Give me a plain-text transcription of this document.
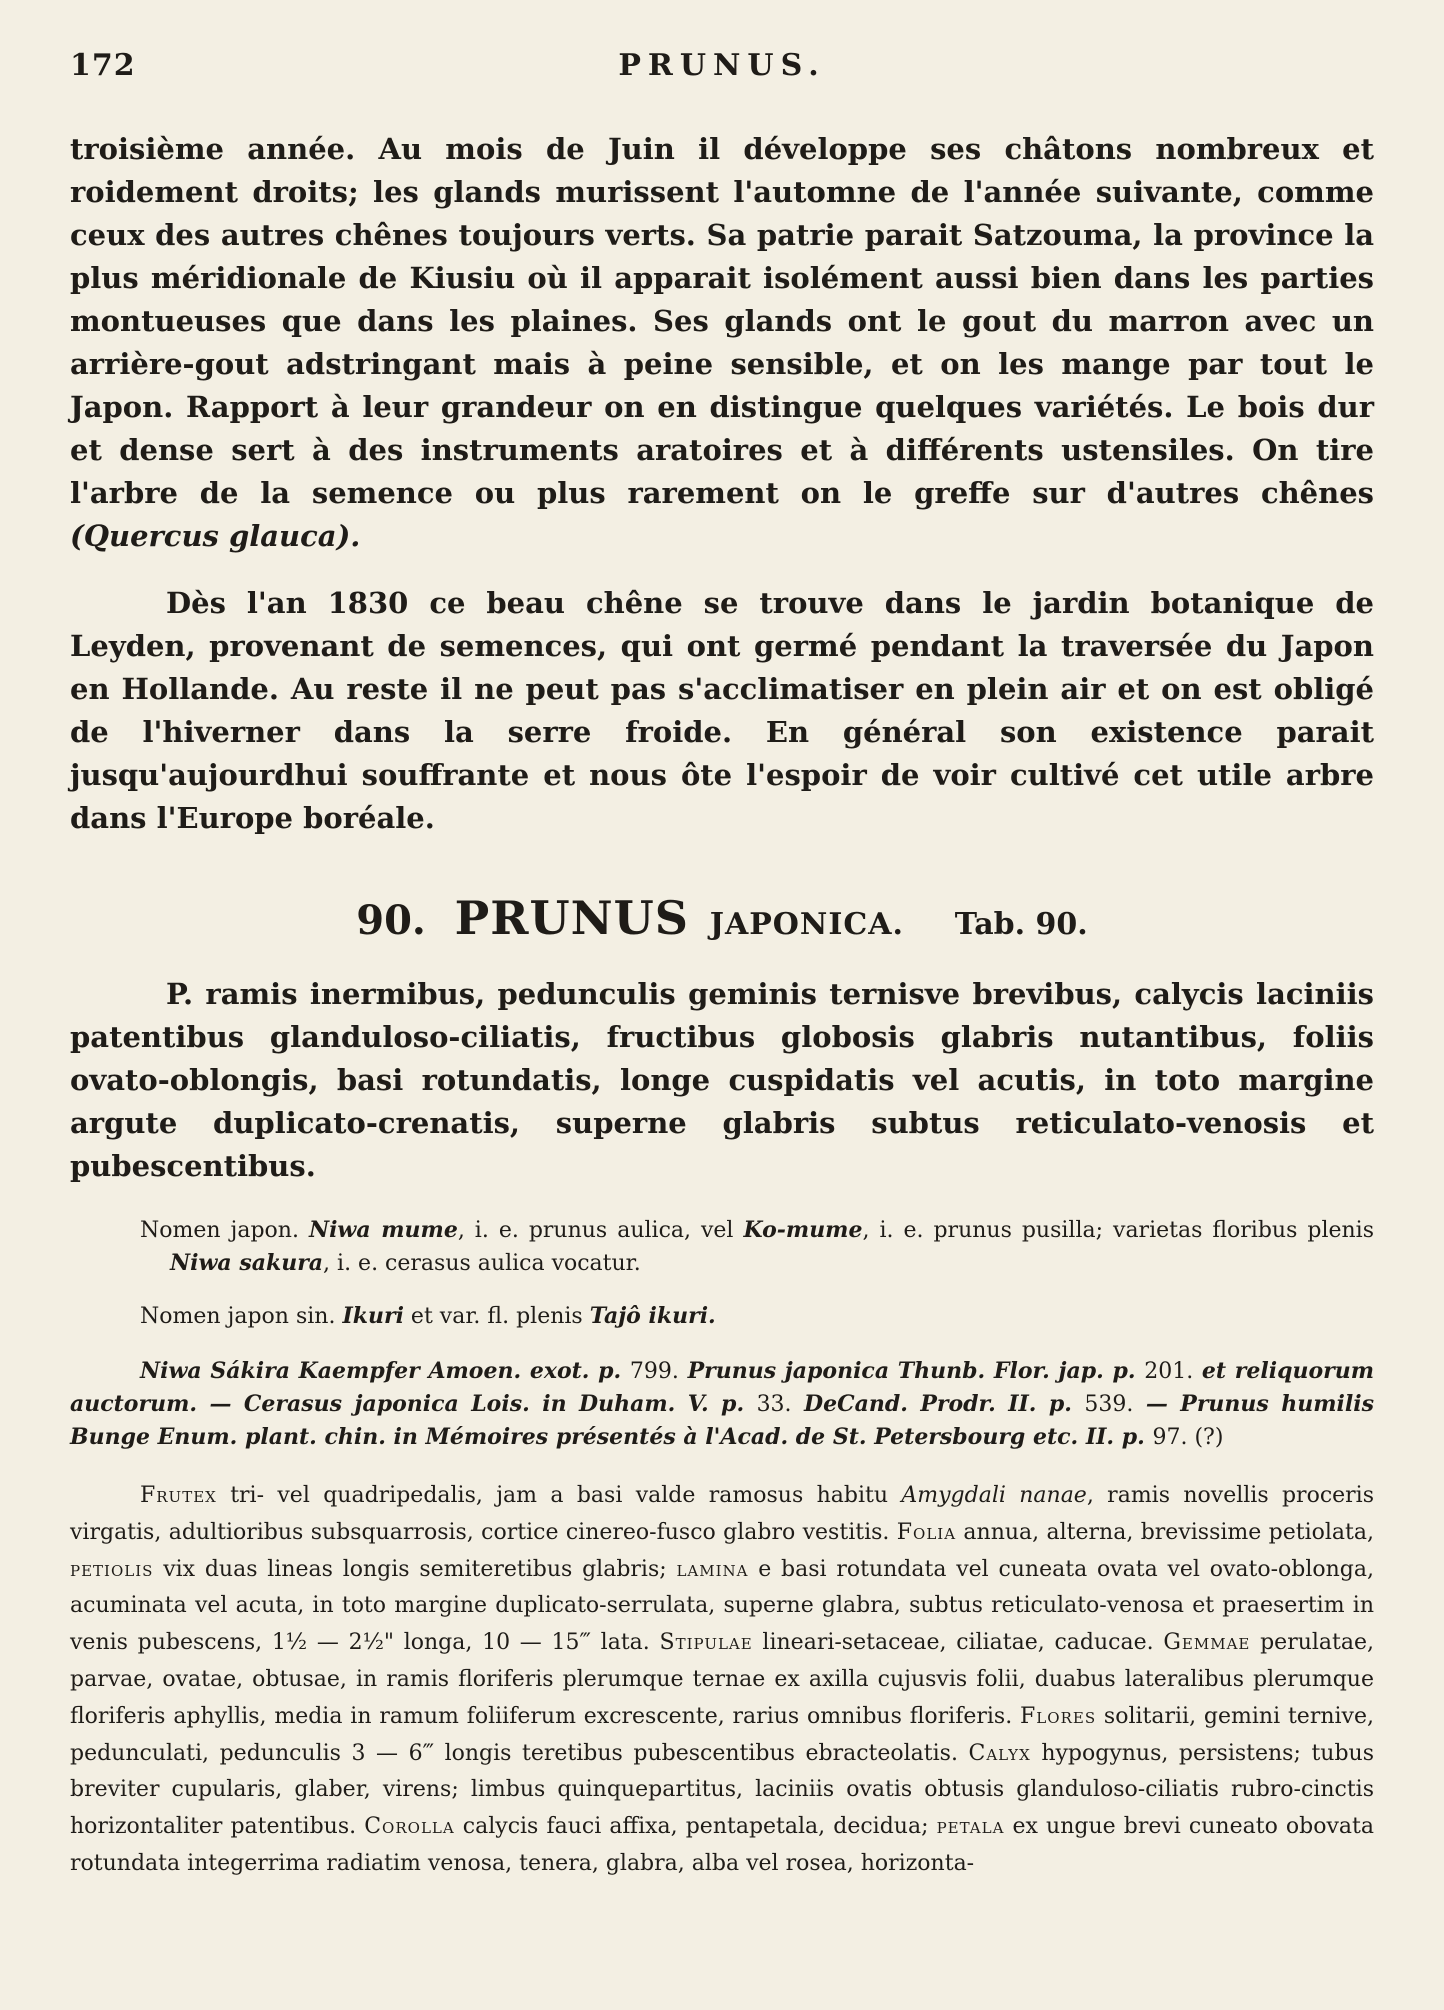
172	PRUNUS.

troisième année. Au mois de Juin il développe ses châtons nombreux et roidement droits; les glands murissent l'automne de l'année suivante, comme ceux des autres chênes toujours verts. Sa patrie parait Satzouma, la province la plus méridionale de Kiusiu où il apparait isolément aussi bien dans les parties montueuses que dans les plaines. Ses glands ont le gout du marron avec un arrière-gout adstringant mais à peine sensible, et on les mange par tout le Japon. Rapport à leur grandeur on en distingue quelques variétés. Le bois dur et dense sert à des instruments aratoires et à différents ustensiles. On tire l'arbre de la semence ou plus rarement on le greffe sur d'autres chênes (Quercus glauca).

Dès l'an 1830 ce beau chêne se trouve dans le jardin botanique de Leyden, provenant de semences, qui ont germé pendant la traversée du Japon en Hollande. Au reste il ne peut pas s'acclimatiser en plein air et on est obligé de l'hiverner dans la serre froide. En général son existence parait jusqu'aujourdhui souffrante et nous ôte l'espoir de voir cultivé cet utile arbre dans l'Europe boréale.

90. PRUNUS JAPONICA. Tab. 90.

P. ramis inermibus, pedunculis geminis ternisve brevibus, calycis laciniis patentibus glanduloso-ciliatis, fructibus globosis glabris nutantibus, foliis ovato-oblongis, basi rotundatis, longe cuspidatis vel acutis, in toto margine argute duplicato-crenatis, superne glabris subtus reticulato-venosis et pubescentibus.

Nomen japon. Niwa mume, i. e. prunus aulica, vel Ko-mume, i. e. prunus pusilla; varietas floribus plenis Niwa sakura, i. e. cerasus aulica vocatur.

Nomen japon sin. Ikuri et var. fl. plenis Tajô ikuri.

Niwa Sákira Kaempfer Amoen. exot. p. 799. Prunus japonica Thunb. Flor. jap. p. 201. et reliquorum auctorum. — Cerasus japonica Lois. in Duham. V. p. 33. DeCand. Prodr. II. p. 539. — Prunus humilis Bunge Enum. plant. chin. in Mémoires présentés à l'Acad. de St. Petersbourg etc. II. p. 97. (?)

Frutex tri- vel quadripedalis, jam a basi valde ramosus habitu Amygdali nanae, ramis novellis proceris virgatis, adultioribus subsquarrosis, cortice cinereo-fusco glabro vestitis. Folia annua, alterna, brevissime petiolata, petiolis vix duas lineas longis semiteretibus glabris; lamina e basi rotundata vel cuneata ovata vel ovato-oblonga, acuminata vel acuta, in toto margine duplicato-serrulata, superne glabra, subtus reticulato-venosa et praesertim in venis pubescens, 1½ — 2½" longa, 10 — 15‴ lata. Stipulae lineari-setaceae, ciliatae, caducae. Gemmae perulatae, parvae, ovatae, obtusae, in ramis floriferis plerumque ternae ex axilla cujusvis folii, duabus lateralibus plerumque floriferis aphyllis, media in ramum foliiferum excrescente, rarius omnibus floriferis. Flores solitarii, gemini ternive, pedunculati, pedunculis 3 — 6‴ longis teretibus pubescentibus ebracteolatis. Calyx hypogynus, persistens; tubus breviter cupularis, glaber, virens; limbus quinquepartitus, laciniis ovatis obtusis glanduloso-ciliatis rubro-cinctis horizontaliter patentibus. Corolla calycis fauci affixa, pentapetala, decidua; petala ex ungue brevi cuneato obovata rotundata integerrima radiatim venosa, tenera, glabra, alba vel rosea, horizonta-
